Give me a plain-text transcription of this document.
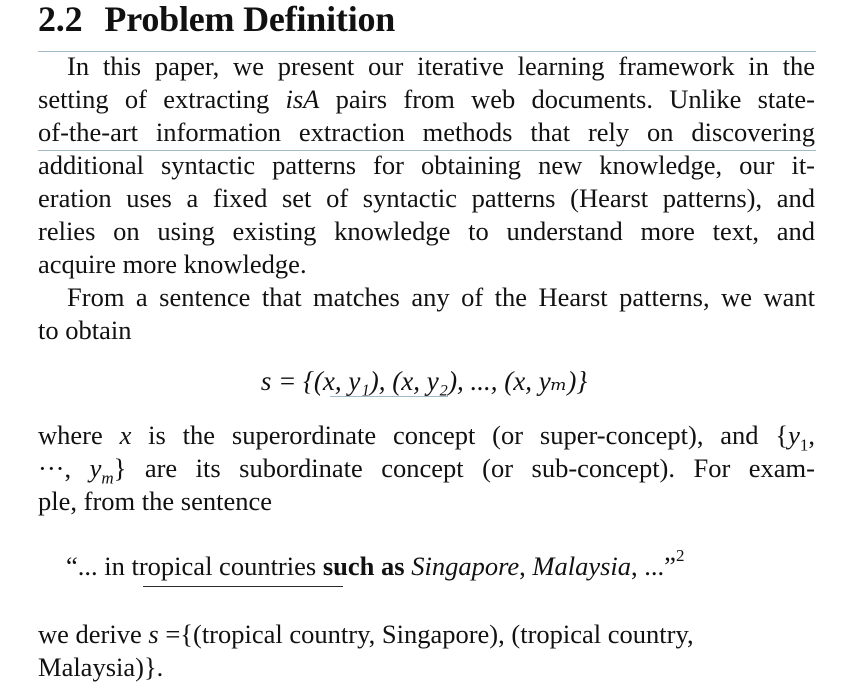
2.2 Problem Definition
In this paper, we present our iterative learning framework in the
setting of extracting isA pairs from web documents. Unlike state-
of-the-art information extraction methods that rely on discovering
additional syntactic patterns for obtaining new knowledge, our it-
eration uses a fixed set of syntactic patterns (Hearst patterns), and
relies on using existing knowledge to understand more text, and
acquire more knowledge.
From a sentence that matches any of the Hearst patterns, we want
to obtain
s = {(x, y₁), (x, y₂), ..., (x, yₘ)}
where x is the superordinate concept (or super-concept), and {$y_1$,
···, $y_m$} are its subordinate concept (or sub-concept). For exam-
ple, from the sentence
“... in tropical countries such as Singapore, Malaysia, ...”$^2$
we derive s ={(tropical country, Singapore), (tropical country,
Malaysia)}.
